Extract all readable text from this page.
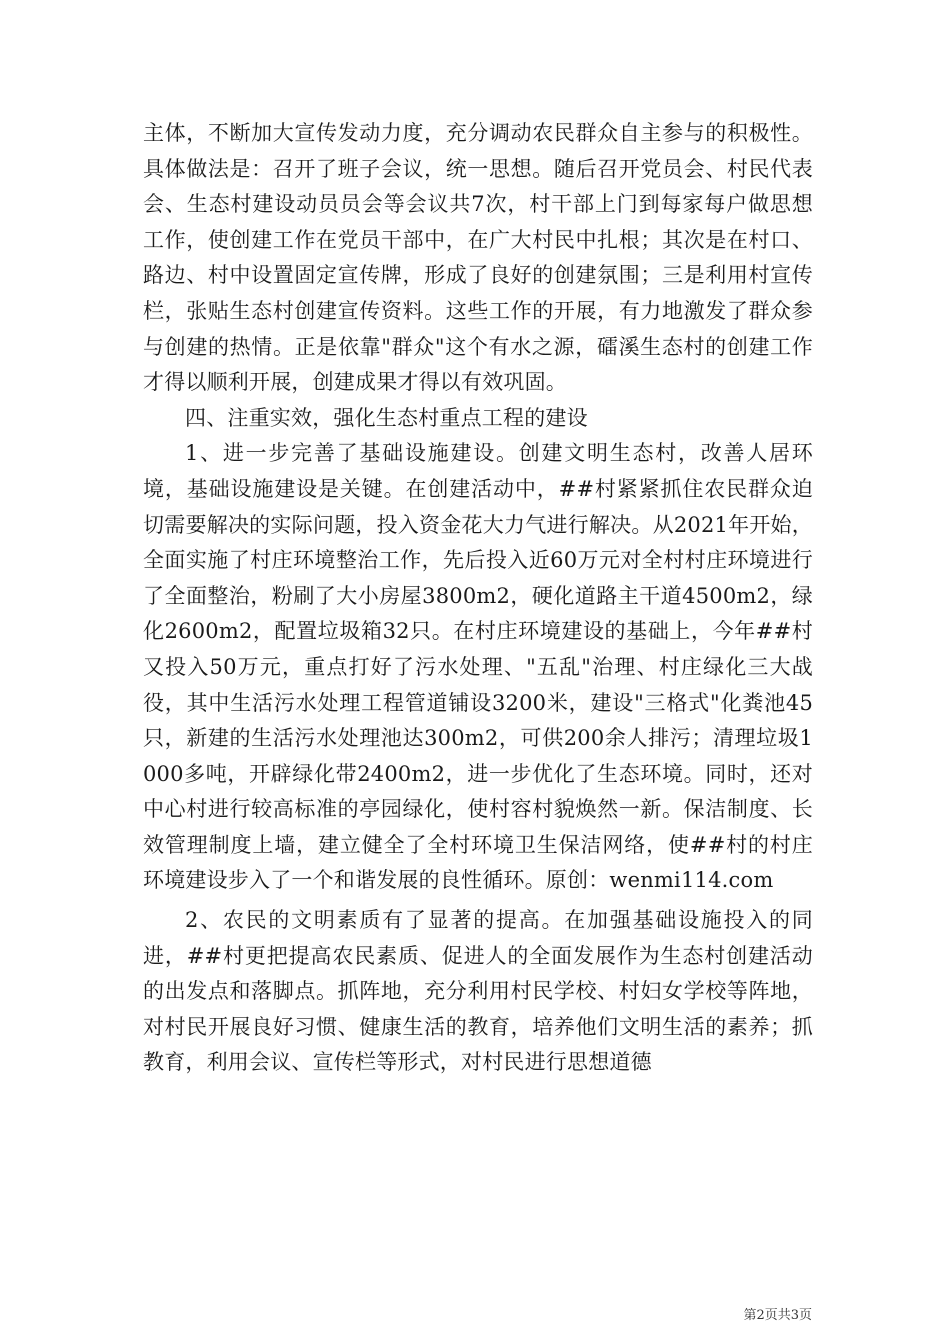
主体，不断加大宣传发动力度，充分调动农民群众自主参与的积极性。具体做法是：召开了班子会议，统一思想。随后召开党员会、村民代表会、生态村建设动员员会等会议共7次，村干部上门到每家每户做思想工作，使创建工作在党员干部中，在广大村民中扎根；其次是在村口、路边、村中设置固定宣传牌，形成了良好的创建氛围；三是利用村宣传栏，张贴生态村创建宣传资料。这些工作的开展，有力地激发了群众参与创建的热情。正是依靠"群众"这个有水之源，礌溪生态村的创建工作才得以顺利开展，创建成果才得以有效巩固。

四、注重实效，强化生态村重点工程的建设

1、进一步完善了基础设施建设。创建文明生态村，改善人居环境，基础设施建设是关键。在创建活动中，##村紧紧抓住农民群众迫切需要解决的实际问题，投入资金花大力气进行解决。从2021年开始，全面实施了村庄环境整治工作，先后投入近60万元对全村村庄环境进行了全面整治，粉刷了大小房屋3800m2，硬化道路主干道4500m2，绿化2600m2，配置垃圾箱32只。在村庄环境建设的基础上，今年##村又投入50万元，重点打好了污水处理、"五乱"治理、村庄绿化三大战役，其中生活污水处理工程管道铺设3200米，建设"三格式"化粪池45只，新建的生活污水处理池达300m2，可供200余人排污；清理垃圾1000多吨，开辟绿化带2400m2，进一步优化了生态环境。同时，还对中心村进行较高标准的亭园绿化，使村容村貌焕然一新。保洁制度、长效管理制度上墙，建立健全了全村环境卫生保洁网络，使##村的村庄环境建设步入了一个和谐发展的良性循环。原创：wenmi114.com

2、农民的文明素质有了显著的提高。在加强基础设施投入的同进，##村更把提高农民素质、促进人的全面发展作为生态村创建活动的出发点和落脚点。抓阵地，充分利用村民学校、村妇女学校等阵地，对村民开展良好习惯、健康生活的教育，培养他们文明生活的素养；抓教育，利用会议、宣传栏等形式，对村民进行思想道德

第2页共3页
